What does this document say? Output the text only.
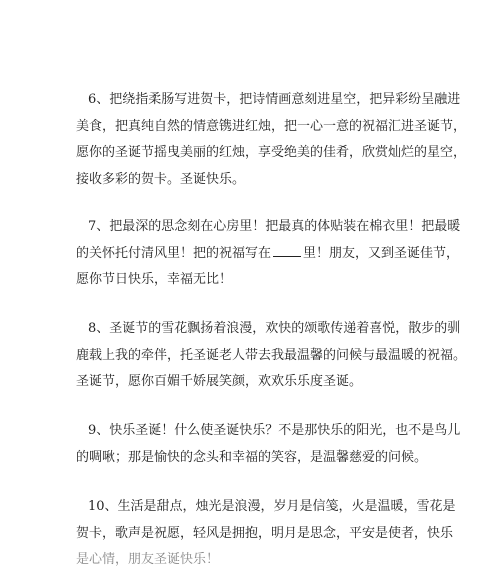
6、把绕指柔肠写进贺卡，把诗情画意刻进星空，把异彩纷呈融进
美食，把真纯自然的情意镌进红烛，把一心一意的祝福汇进圣诞节，
愿你的圣诞节摇曳美丽的红烛，享受绝美的佳肴，欣赏灿烂的星空，
接收多彩的贺卡。圣诞快乐。
7、把最深的思念刻在心房里！把最真的体贴装在棉衣里！把最暖
的关怀托付清风里！把的祝福写在 里！朋友，又到圣诞佳节，
愿你节日快乐，幸福无比！
8、圣诞节的雪花飘扬着浪漫，欢快的颂歌传递着喜悦，散步的驯
鹿载上我的牵伴，托圣诞老人带去我最温馨的问候与最温暖的祝福。
圣诞节，愿你百媚千娇展笑颜，欢欢乐乐度圣诞。
9、快乐圣诞！什么使圣诞快乐？不是那快乐的阳光，也不是鸟儿
的啁啾；那是愉快的念头和幸福的笑容，是温馨慈爱的问候。
10、生活是甜点，烛光是浪漫，岁月是信笺，火是温暖，雪花是
贺卡，歌声是祝愿，轻风是拥抱，明月是思念，平安是使者，快乐
是心情，朋友圣诞快乐！
